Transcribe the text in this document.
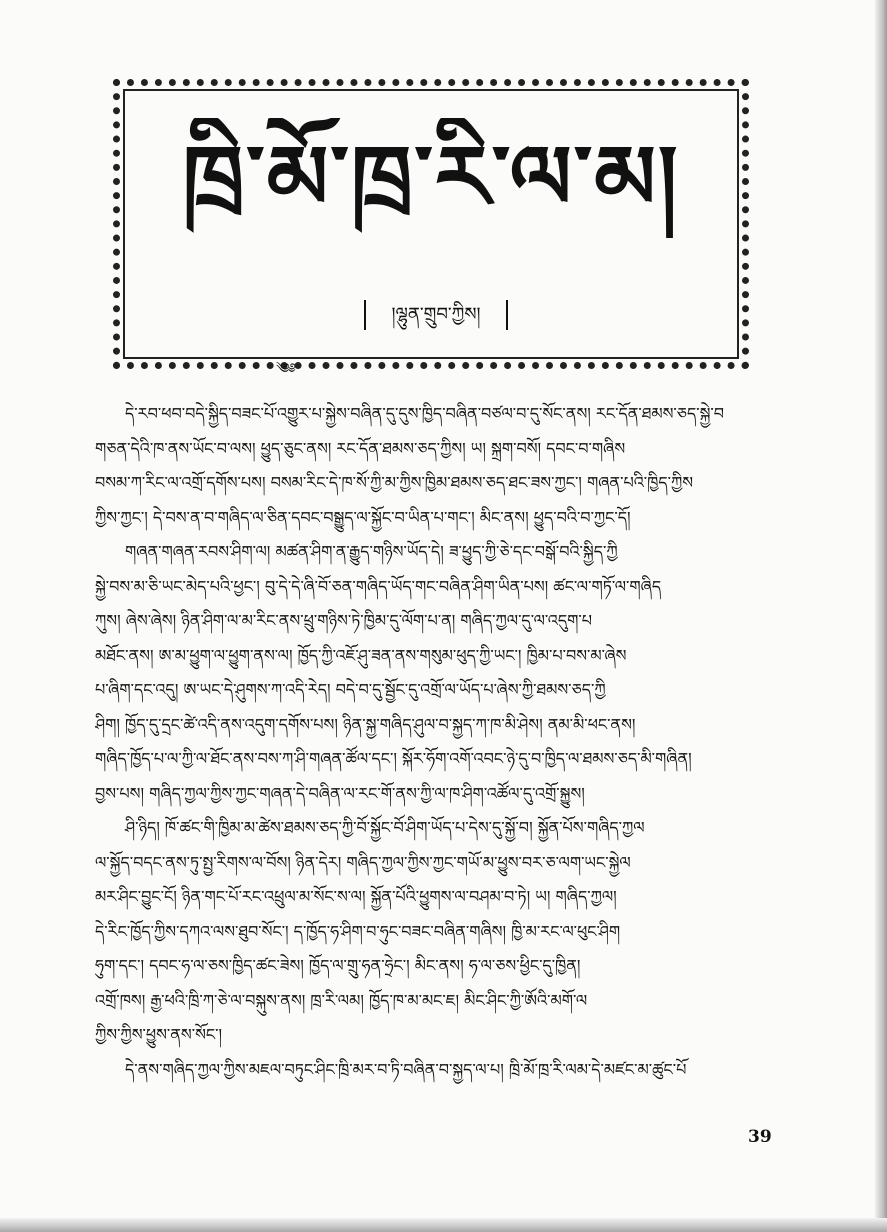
ཁྲི་མོ་ཁྲ་རི་ལ་མ།
།ལྷུན་གྲུབ་ཀྱིས།
༄༅
དེ་རབ་ཕབ་བདེ་སྐྱིད་བཟང་པོ་འགྱུར་པ་སྐྱེས་བཞིན་དུ་དུས་ཁྱིད་བཞིན་བཙལ་བ་དུ་སོང་ནས། རང་དོན་ཐམས་ཅད་སྐྱེ་བ
གཅན་དེའི་ཁ་ནས་ཡོང་བ་ལས། ཕྱུད་ཅུང་ནས། རང་དོན་ཐམས་ཅད་ཀྱིས། ཡ། སྐྲག་བསོ། དབང་བ་གཞིས
བསམ་ཀ་རིང་ལ་འགྲོ་དགོས་པས། བསམ་རིང་དེ་ཁ་སོ་ཀྱི་མ་ཀྱིས་ཁྱིམ་ཐམས་ཅད་ཐང་ཟས་ཀྱང་། གཞན་པའི་ཁྱིད་ཀྱིས
ཀྱིས་ཀྱང་། དེ་བས་ན་བ་གཞིད་ལ་ཅིན་དབང་བསྒྱུད་ལ་སྐྱོང་བ་ཡིན་པ་གང་། མིང་ནས། ཕྱུད་བའི་བ་ཀྱང་དོ།
གཞན་གཞན་རབས་ཤིག་ལ། མཚན་ཤིག་ན་རྒྱུད་གཉིས་ཡོད་དེ། ཟ་ཕྱུད་ཀྱི་ཅེ་དང་བསྒོ་བའི་སྐྱིད་ཀྱི
སྐྱེ་བས་མ་ཅི་ཡང་མེད་པའི་ཕྱང་། བུ་དེ་དེ་ཞི་བོ་ཅན་གཞིད་ཡོད་གང་བཞིན་ཤིག་ཡིན་པས། ཚང་ལ་གཏོ་ལ་གཞིད
ཀུས། ཞེས་ཞེས། ཉིན་ཤིག་ལ་མ་རིང་ནས་ཕྲུ་གཉིས་ཏེ་ཁྱིམ་དུ་ལོག་པ་ན། གཞིད་ཀྱལ་དུ་ལ་འདུག་པ
མཐོང་ནས། ཨ་མ་ཕྱུག་ལ་ཕྱུག་ནས་ལ། ཁྱོད་ཀྱི་འཇོ་ཤུ་ཟན་ནས་གསུམ་ཕུད་ཀྱི་ཡང་། ཁྱིམ་པ་བས་མ་ཞེས
པ་ཞིག་དང་འདུ། ཨ་ཡང་དེ་ཤུགས་ཀ་འདི་རེད། བདེ་བ་དུ་སྦྱོང་དུ་འགྲོ་ལ་ཡོད་པ་ཞེས་ཀྱི་ཐམས་ཅད་ཀྱི
ཤིག། ཁྱོད་དུ་དྲང་ཚེ་འདི་ནས་འདུག་དགོས་པས། ཉིན་སྐྱ་གཞིད་ཤུལ་བ་སྐྱད་ཀ་ཁ་མི་ཤེས། ནམ་མི་ཕང་ནས།
གཞིད་ཁྱོད་པ་ལ་ཀྱི་ལ་ཐོང་ནས་བས་ཀ་ཤི་གཞན་ཚོལ་དང་། སྐོར་ཧོག་འགོ་འབང་ཉེ་དུ་བ་ཁྱིད་ལ་ཐམས་ཅད་མི་གཞིན།
བྱས་པས། གཞིད་ཀྱལ་ཀྱིས་ཀྱང་གཞན་དེ་བཞིན་ལ་རང་གོ་ནས་ཀྱི་ལ་ཁ་ཤིག་འཚོལ་དུ་འགྲོ་སྐྱུས།
ཤི་ཉིད། ཁོ་ཚང་གི་ཁྱིམ་མ་ཚེས་ཐམས་ཅད་ཀྱི་བོ་སྐྱོང་བོ་ཤིག་ཡོད་པ་དེས་དུ་སྐྱོ་བ། སྐྱོན་པོས་གཞིད་ཀྱལ
ལ་སྐྱོད་བདང་ནས་ཏུ་སྤྱ་རིགས་ལ་བོས། ཉིན་དེར། གཞིད་ཀྱལ་ཀྱིས་ཀྱང་གཡོ་མ་ཕྱུས་བར་ཅ་ལག་ཡང་སྐྱེལ
མར་ཤིང་བྱུང་ངོ། ཉིན་གང་པོ་རང་འཕྲུལ་མ་སོང་ས་ལ། སྐྱོན་པོའི་ཕྱུགས་ལ་བཤམ་བ་ཏེ། ཡ། གཞིད་ཀྱལ།
དེ་རིང་ཁྱོད་ཀྱིས་དཀའ་ལས་ཐུབ་སོང་། ད་ཁྱོད་ཧ་ཤིག་བ་ཧུང་བཟང་བཞིན་གཞིས། ཁྱི་མ་རང་ལ་ཕུང་ཤིག
ཧུག་དང་། དབང་ཧ་ལ་ཅས་ཁྱིད་ཚང་ཟེས། ཁྱོད་ལ་གྲུ་ཧན་ཧྲེང་། མིང་ནས། ཧ་ལ་ཅས་ཕྱིང་དུ་ཁྱིན།
འགྲོ་ཁས། རྒྱ་ཕའི་ཁྲི་ཀ་ཅེ་ལ་བསྐུས་ནས། ཁྲ་རི་ལམ། ཁྱོད་ཁ་མ་མང་ཇ། མིང་ཤིང་ཀྱི་ཨོའི་མགོ་ལ
ཀྱིས་ཀྱིས་ཕྱུས་ནས་སོང་།
དེ་ནས་གཞིད་ཀྱལ་ཀྱིས་མཇལ་བཏུང་ཤིང་ཁྲི་མར་བ་ཏི་བཞིན་བ་སྐྱད་ལ་པ། ཁྲི་མོ་ཁྲ་རི་ལམ་དེ་མཛང་མ་ཚུང་པོ
39
